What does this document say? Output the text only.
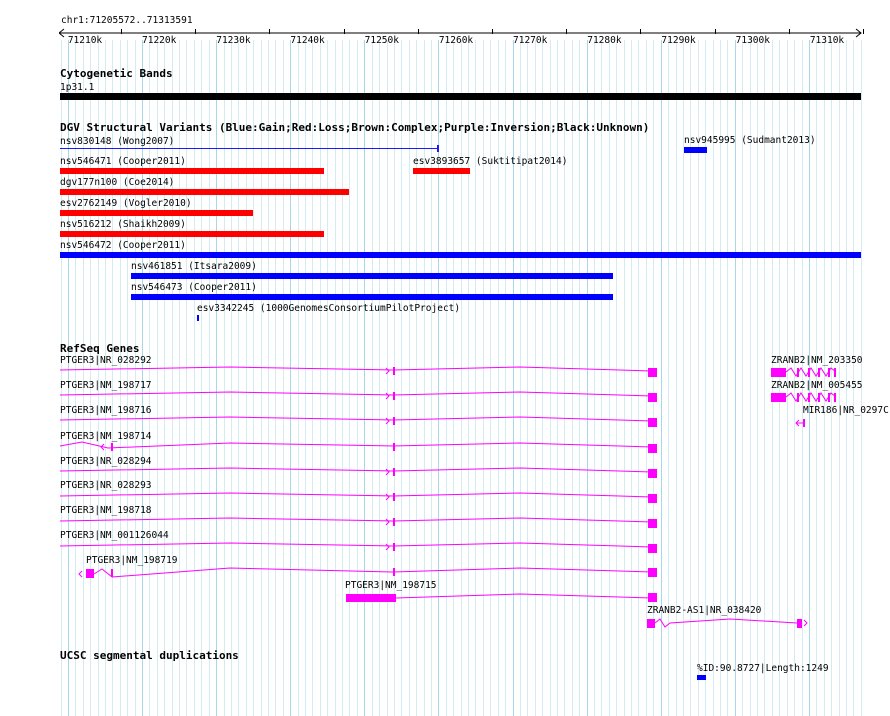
chr1:71205572..71313591
71210k	71220k	71230k	71240k	71250k	71260k	71270k	71280k	71290k	71300k	71310k
Cytogenetic Bands
1p31.1
DGV Structural Variants (Blue:Gain;Red:Loss;Brown:Complex;Purple:Inversion;Black:Unknown)
nsv830148 (Wong2007)	nsv945995 (Sudmant2013)
nsv546471 (Cooper2011)	esv3893657 (Suktitipat2014)
dgv177n100 (Coe2014)
esv2762149 (Vogler2010)
nsv516212 (Shaikh2009)
nsv546472 (Cooper2011)
nsv461851 (Itsara2009)
nsv546473 (Cooper2011)
esv3342245 (1000GenomesConsortiumPilotProject)
RefSeq Genes
PTGER3|NR_028292
PTGER3|NM_198717
PTGER3|NM_198716
PTGER3|NM_198714
PTGER3|NR_028294
PTGER3|NR_028293
PTGER3|NM_198718
PTGER3|NM_001126044
PTGER3|NM_198719
PTGER3|NM_198715
ZRANB2|NM_203350
ZRANB2|NM_005455
MIR186|NR_0297C
ZRANB2-AS1|NR_038420
UCSC segmental duplications
%ID:90.8727|Length:1249
